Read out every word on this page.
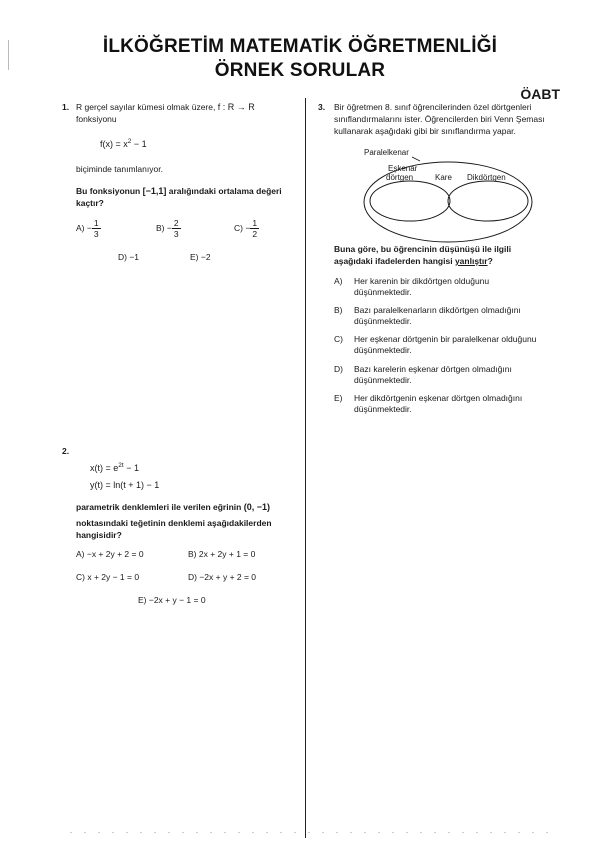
İLKÖĞRETİM MATEMATİK ÖĞRETMENLİĞİ
ÖRNEK SORULAR
ÖABT
1. R gerçel sayılar kümesi olmak üzere, f : R → R
fonksiyonu
$f(x) = x^2 - 1$
biçiminde tanımlanıyor.
Bu fonksiyonun [−1,1] aralığındaki ortalama değeri
kaçtır?
$A) - \frac{1}{3}$	$B) - \frac{2}{3}$	$C) - \frac{1}{2}$
D) −1	E) −2
2.
$x(t) = e^{2t} - 1$
y(t) = ln(t + 1) − 1
parametrik denklemleri ile verilen eğrinin (0, −1)
noktasındaki teğetinin denklemi aşağıdakilerden
hangisidir?
A) −x + 2y + 2 = 0	B) 2x + 2y + 1 = 0
C) x + 2y − 1 = 0	D) −2x + y + 2 = 0
E) −2x + y − 1 = 0
3. Bir öğretmen 8. sınıf öğrencilerinden özel dörtgenleri
sınıflandırmalarını ister. Öğrencilerden biri Venn Şeması
kullanarak aşağıdaki gibi bir sınıflandırma yapar.
Paralelkenar
Eşkenar
dörtgen	Kare Dikdörtgen
Buna göre, bu öğrencinin düşünüşü ile ilgili
aşağıdaki ifadelerden hangisi yanlıştır?
A) Her karenin bir dikdörtgen olduğunu
düşünmektedir.
B) Bazı paralelkenarların dikdörtgen olmadığını
düşünmektedir.
C) Her eşkenar dörtgenin bir paralelkenar olduğunu
düşünmektedir.
D) Bazı karelerin eşkenar dörtgen olmadığını
düşünmektedir.
E) Her dikdörtgenin eşkenar dörtgen olmadığını
düşünmektedir.
